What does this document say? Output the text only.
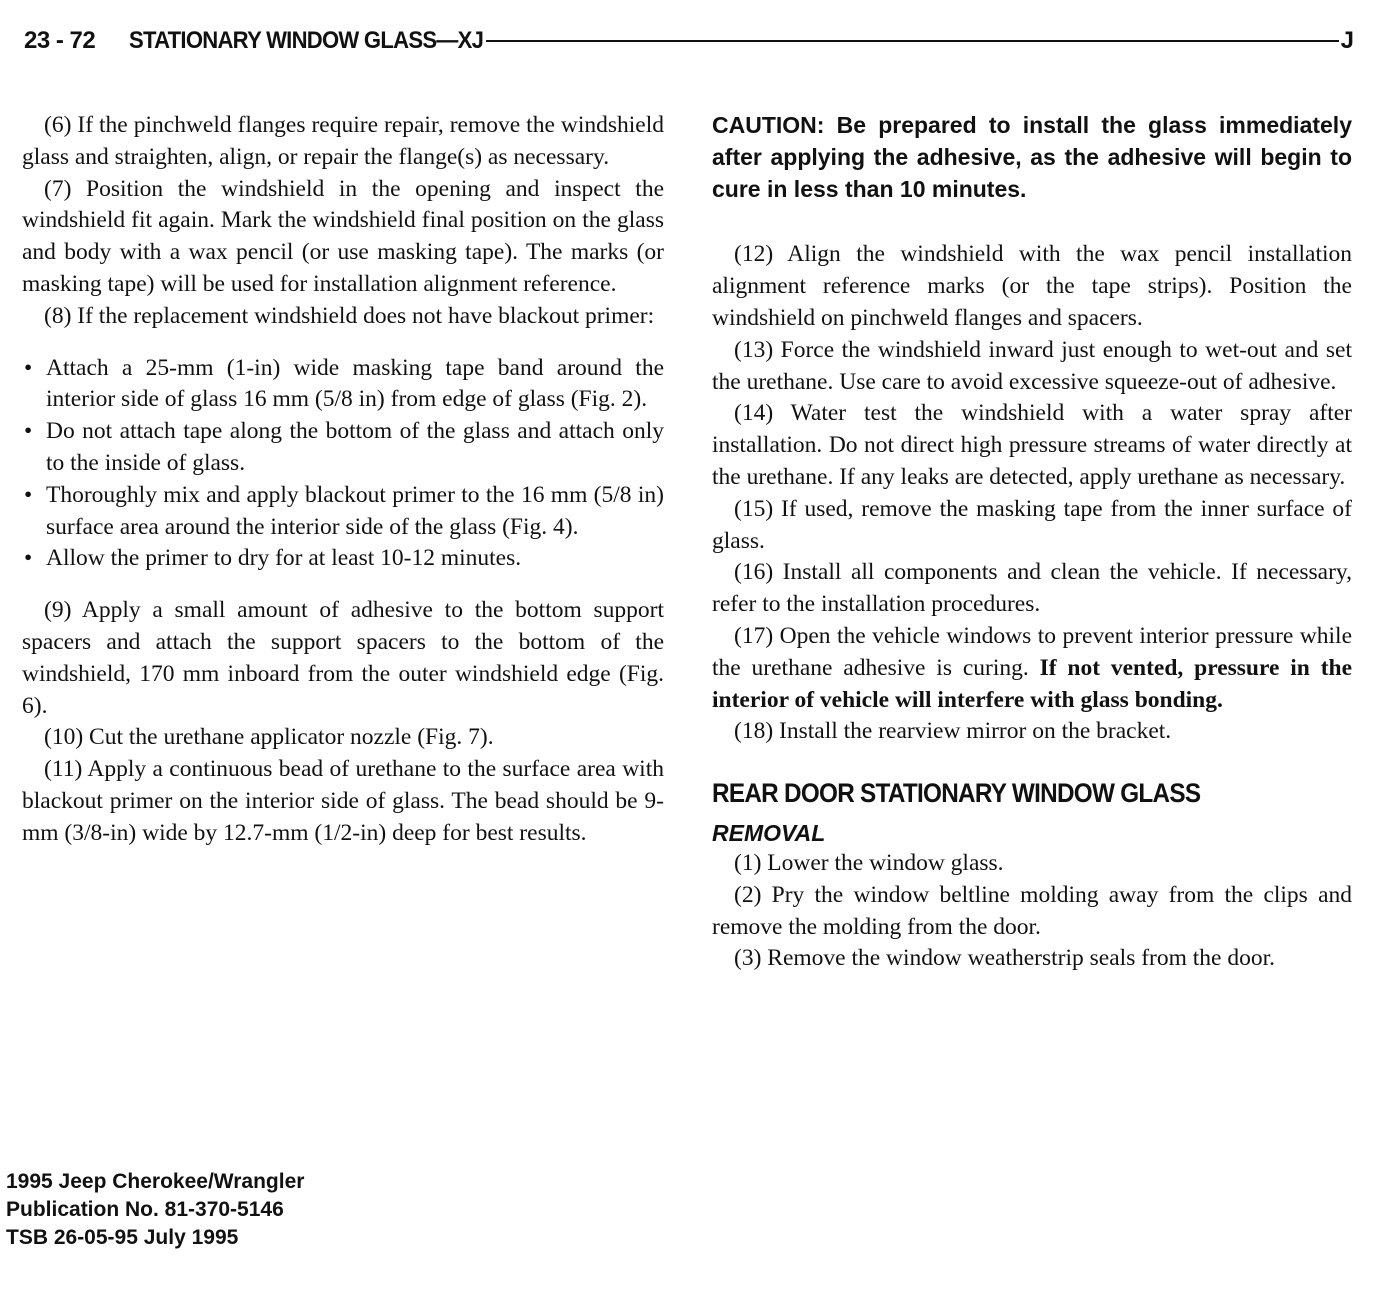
23 - 72 STATIONARY WINDOW GLASS—XJ	J

(6) If the pinchweld flanges require repair, remove the windshield glass and straighten, align, or repair the flange(s) as necessary.

(7) Position the windshield in the opening and inspect the windshield fit again. Mark the windshield final position on the glass and body with a wax pencil (or use masking tape). The marks (or masking tape) will be used for installation alignment reference.

(8) If the replacement windshield does not have blackout primer:

• Attach a 25-mm (1-in) wide masking tape band around the interior side of glass 16 mm (5/8 in) from edge of glass (Fig. 2).
• Do not attach tape along the bottom of the glass and attach only to the inside of glass.
• Thoroughly mix and apply blackout primer to the 16 mm (5/8 in) surface area around the interior side of the glass (Fig. 4).
• Allow the primer to dry for at least 10-12 minutes.

(9) Apply a small amount of adhesive to the bottom support spacers and attach the support spacers to the bottom of the windshield, 170 mm inboard from the outer windshield edge (Fig. 6).

(10) Cut the urethane applicator nozzle (Fig. 7).

(11) Apply a continuous bead of urethane to the surface area with blackout primer on the interior side of glass. The bead should be 9-mm (3/8-in) wide by 12.7-mm (1/2-in) deep for best results.

CAUTION: Be prepared to install the glass immediately after applying the adhesive, as the adhesive will begin to cure in less than 10 minutes.

(12) Align the windshield with the wax pencil installation alignment reference marks (or the tape strips). Position the windshield on pinchweld flanges and spacers.

(13) Force the windshield inward just enough to wet-out and set the urethane. Use care to avoid excessive squeeze-out of adhesive.

(14) Water test the windshield with a water spray after installation. Do not direct high pressure streams of water directly at the urethane. If any leaks are detected, apply urethane as necessary.

(15) If used, remove the masking tape from the inner surface of glass.

(16) Install all components and clean the vehicle. If necessary, refer to the installation procedures.

(17) Open the vehicle windows to prevent interior pressure while the urethane adhesive is curing. If not vented, pressure in the interior of vehicle will interfere with glass bonding.

(18) Install the rearview mirror on the bracket.

REAR DOOR STATIONARY WINDOW GLASS
REMOVAL

(1) Lower the window glass.

(2) Pry the window beltline molding away from the clips and remove the molding from the door.

(3) Remove the window weatherstrip seals from the door.

1995 Jeep Cherokee/Wrangler
Publication No. 81-370-5146
TSB 26-05-95 July 1995
